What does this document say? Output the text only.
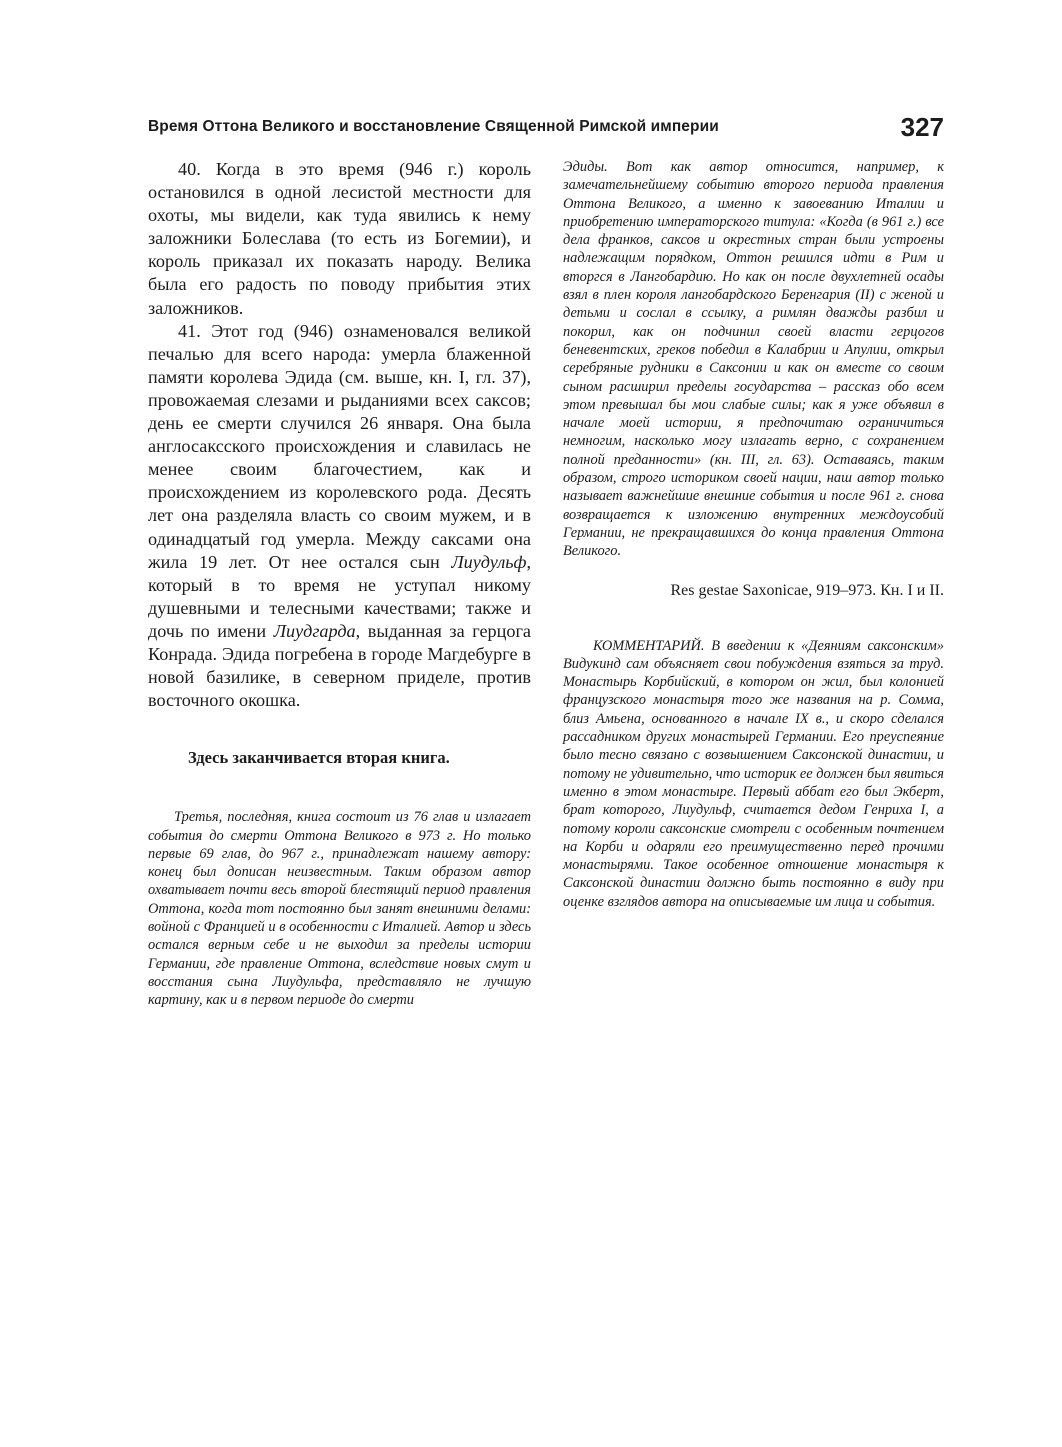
Время Оттона Великого и восстановление Священной Римской империи	327

40. Когда в это время (946 г.) король остановился в одной лесистой местности для охоты, мы видели, как туда явились к нему заложники Болеслава (то есть из Богемии), и король приказал их показать народу. Велика была его радость по поводу прибытия этих заложников.

41. Этот год (946) ознаменовался великой печалью для всего народа: умерла блаженной памяти королева Эдида (см. выше, кн. I, гл. 37), провожаемая слезами и рыданиями всех саксов; день ее смерти случился 26 января. Она была англосаксского происхождения и славилась не менее своим благочестием, как и происхождением из королевского рода. Десять лет она разделяла власть со своим мужем, и в одинадцатый год умерла. Между саксами она жила 19 лет. От нее остался сын Лиудульф, который в то время не уступал никому душевными и телесными качествами; также и дочь по имени Лиудгарда, выданная за герцога Конрада. Эдида погребена в городе Магдебурге в новой базилике, в северном приделе, против восточного окошка.

Здесь заканчивается вторая книга.

Третья, последняя, книга состоит из 76 глав и излагает события до смерти Оттона Великого в 973 г. Но только первые 69 глав, до 967 г., принадлежат нашему автору: конец был дописан неизвестным. Таким образом автор охватывает почти весь второй блестящий период правления Оттона, когда тот постоянно был занят внешними делами: войной с Францией и в особенности с Италией. Автор и здесь остался верным себе и не выходил за пределы истории Германии, где правление Оттона, вследствие новых смут и восстания сына Лиудульфа, представляло не лучшую картину, как и в первом периоде до смерти

Эдиды. Вот как автор относится, например, к замечательнейшему событию второго периода правления Оттона Великого, а именно к завоеванию Италии и приобретению императорского титула: «Когда (в 961 г.) все дела франков, саксов и окрестных стран были устроены надлежащим порядком, Оттон решился идти в Рим и вторгся в Лангобардию. Но как он после двухлетней осады взял в плен короля лангобардского Беренгария (II) с женой и детьми и сослал в ссылку, а римлян дважды разбил и покорил, как он подчинил своей власти герцогов беневентских, греков победил в Калабрии и Апулии, открыл серебряные рудники в Саксонии и как он вместе со своим сыном расширил пределы государства – рассказ обо всем этом превышал бы мои слабые силы; как я уже объявил в начале моей истории, я предпочитаю ограничиться немногим, насколько могу излагать верно, с сохранением полной преданности» (кн. III, гл. 63). Оставаясь, таким образом, строго историком своей нации, наш автор только называет важнейшие внешние события и после 961 г. снова возвращается к изложению внутренних междоусобий Германии, не прекращавшихся до конца правления Оттона Великого.

Res gestae Saxonicae, 919–973. Кн. I и II.

КОММЕНТАРИЙ. В введении к «Деяниям саксонским» Видукинд сам объясняет свои побуждения взяться за труд. Монастырь Корбийский, в котором он жил, был колонией французского монастыря того же названия на р. Сомма, близ Амьена, основанного в начале IX в., и скоро сделался рассадником других монастырей Германии. Его преуспеяние было тесно связано с возвышением Саксонской династии, и потому не удивительно, что историк ее должен был явиться именно в этом монастыре. Первый аббат его был Экберт, брат которого, Лиудульф, считается дедом Генриха I, а потому короли саксонские смотрели с особенным почтением на Корби и одаряли его преимущественно перед прочими монастырями. Такое особенное отношение монастыря к Саксонской династии должно быть постоянно в виду при оценке взглядов автора на описываемые им лица и события.
